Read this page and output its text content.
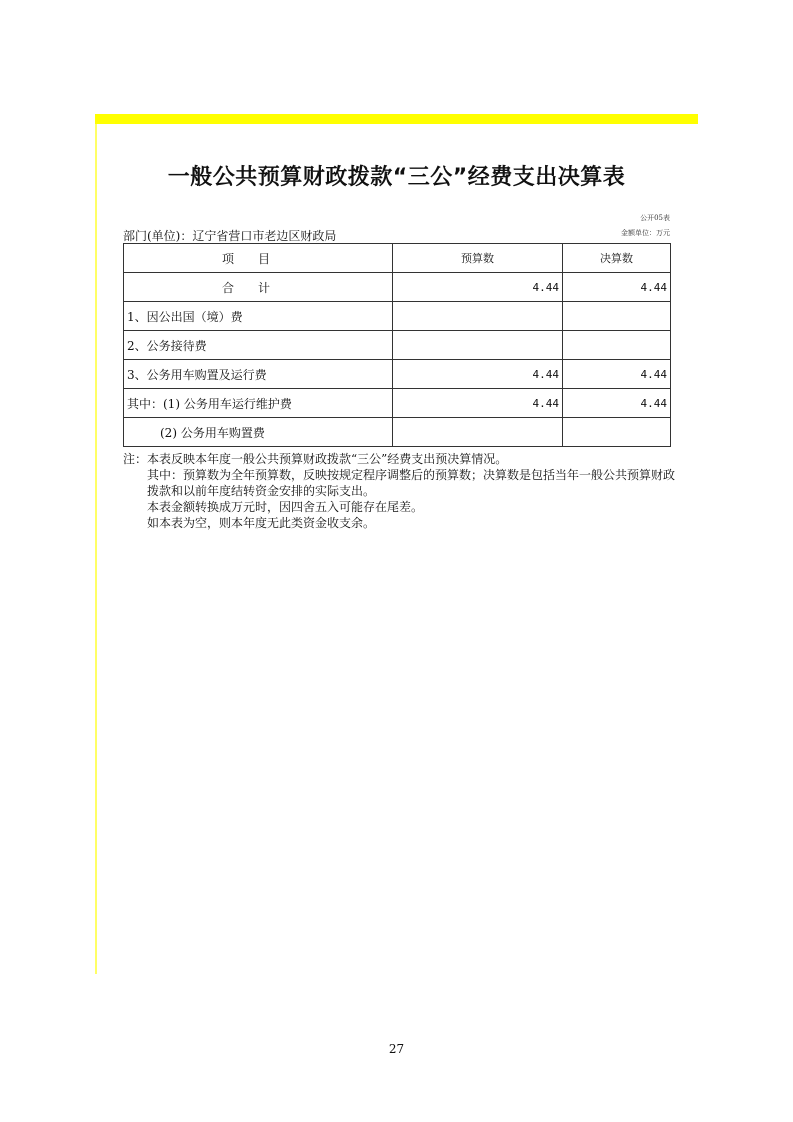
一般公共预算财政拨款“三公”经费支出决算表
公开05表
金额单位：万元
部门(单位)：辽宁省营口市老边区财政局
项目	预算数	决算数

合计	4.44	4.44
1、因公出国（境）费		
2、公务接待费		
3、公务用车购置及运行费	4.44	4.44
其中：(1) 公务用车运行维护费	4.44	4.44
(2) 公务用车购置费		

注：本表反映本年度一般公共预算财政拨款“三公”经费支出预决算情况。

其中：预算数为全年预算数，反映按规定程序调整后的预算数；决算数是包括当年一般公共预算财政拨款和以前年度结转资金安排的实际支出。

本表金额转换成万元时，因四舍五入可能存在尾差。

如本表为空，则本年度无此类资金收支余。

27
